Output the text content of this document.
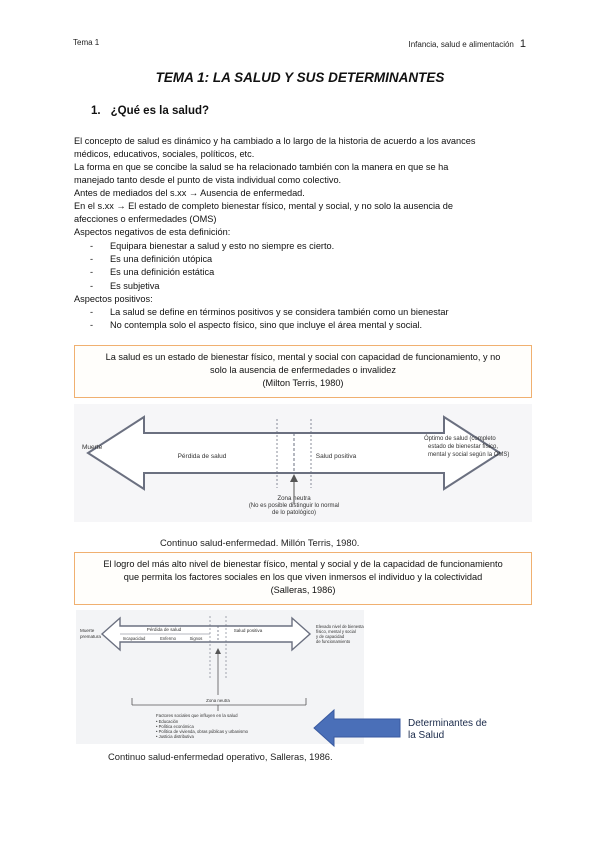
Tema 1	Infancia, salud e alimentación 1
TEMA 1: LA SALUD Y SUS DETERMINANTES
1. ¿Qué es la salud?
El concepto de salud es dinámico y ha cambiado a lo largo de la historia de acuerdo a los avances
médicos, educativos, sociales, políticos, etc.
La forma en que se concibe la salud se ha relacionado también con la manera en que se ha
manejado tanto desde el punto de vista individual como colectivo.
Antes de mediados del s.xx → Ausencia de enfermedad.
En el s.xx → El estado de completo bienestar físico, mental y social, y no solo la ausencia de
afecciones o enfermedades (OMS)
Aspectos negativos de esta definición:
- Equipara bienestar a salud y esto no siempre es cierto.
- Es una definición utópica
- Es una definición estática
- Es subjetiva
Aspectos positivos:
- La salud se define en términos positivos y se considera también como un bienestar
- No contempla solo el aspecto físico, sino que incluye el área mental y social.
La salud es un estado de bienestar físico, mental y social con capacidad de funcionamiento, y no
solo la ausencia de enfermedades o invalidez
(Milton Terris, 1980)
Muerte
Pérdida de salud	Salud positiva
Óptimo de salud (completo
estado de bienestar físico,
mental y social según la OMS)
Zona neutra
(No es posible distinguir lo normal
de lo patológico)
Continuo salud-enfermedad. Millón Terris, 1980.
El logro del más alto nivel de bienestar físico, mental y social y de la capacidad de funcionamiento
que permita los factores sociales en los que viven inmersos el individuo y la colectividad
(Salleras, 1986)
Muerte
prematura
Pérdida de salud	Salud positiva
Incapacidad	Enfermo	Signos
Elevado nivel de bienestar
físico, mental y social
y de capacidad
de funcionamiento
Zona neutra
Factores sociales que influyen en la salud
• Educación
• Política económica
• Política de vivienda, obras públicas y urbanismo
• Justicia distributiva
Continuo salud-enfermedad operativo, Salleras, 1986.
Determinantes de
la Salud
